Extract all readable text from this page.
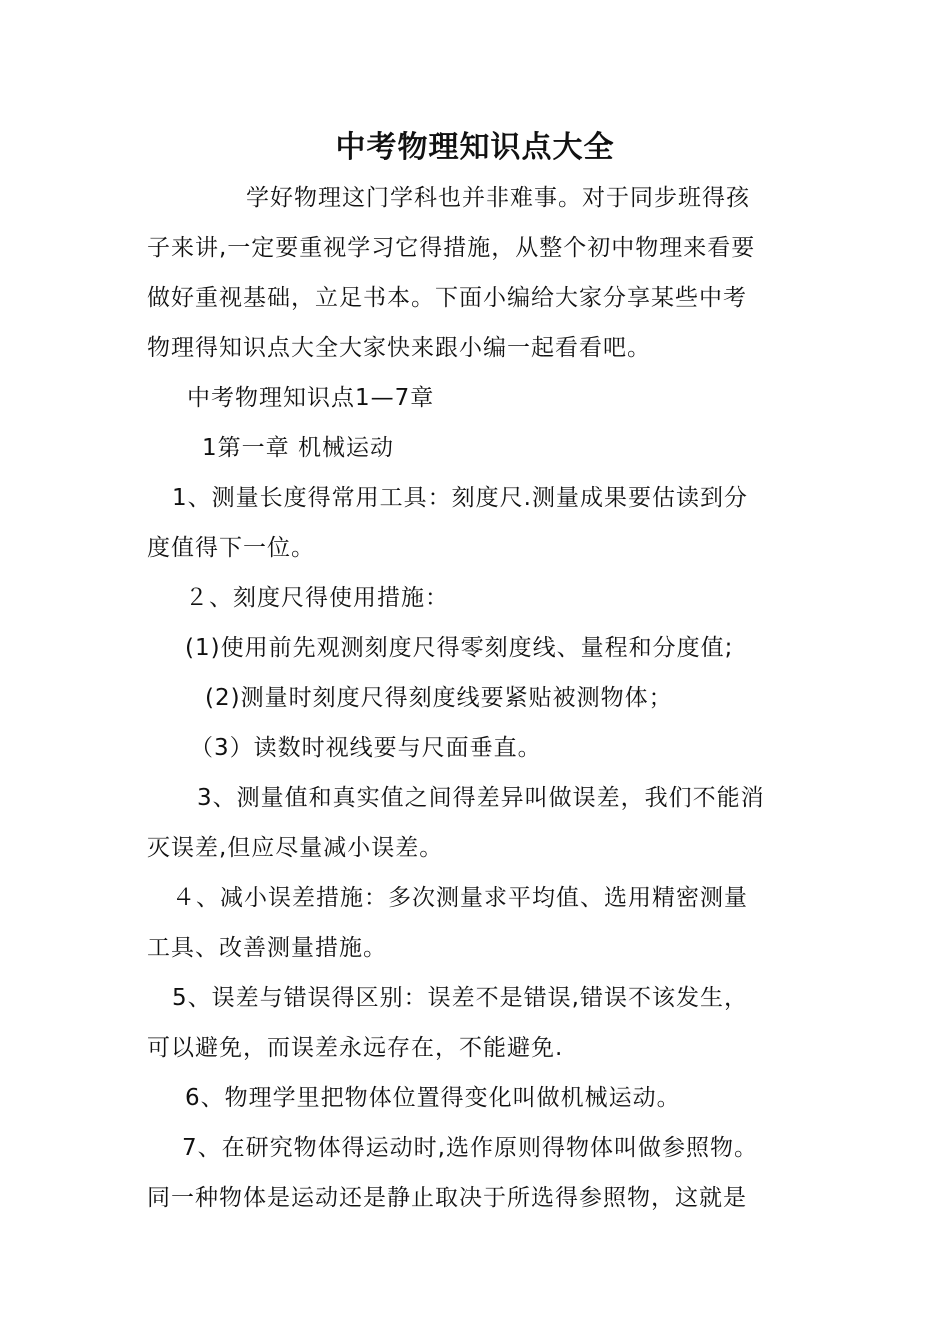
中考物理知识点大全
学好物理这门学科也并非难事。对于同步班得孩
子来讲,一定要重视学习它得措施，从整个初中物理来看要
做好重视基础，立足书本。下面小编给大家分享某些中考
物理得知识点大全大家快来跟小编一起看看吧。
中考物理知识点1—7章
1第一章 机械运动
1、测量长度得常用工具：刻度尺.测量成果要估读到分
度值得下一位。
２、刻度尺得使用措施：
(1)使用前先观测刻度尺得零刻度线、量程和分度值;
(2)测量时刻度尺得刻度线要紧贴被测物体；
（3）读数时视线要与尺面垂直。
3、测量值和真实值之间得差异叫做误差，我们不能消
灭误差,但应尽量减小误差。
４、减小误差措施：多次测量求平均值、选用精密测量
工具、改善测量措施。
5、误差与错误得区别：误差不是错误,错误不该发生，
可以避免，而误差永远存在，不能避免.
6、物理学里把物体位置得变化叫做机械运动。
7、在研究物体得运动时,选作原则得物体叫做参照物。
同一种物体是运动还是静止取决于所选得参照物，这就是
